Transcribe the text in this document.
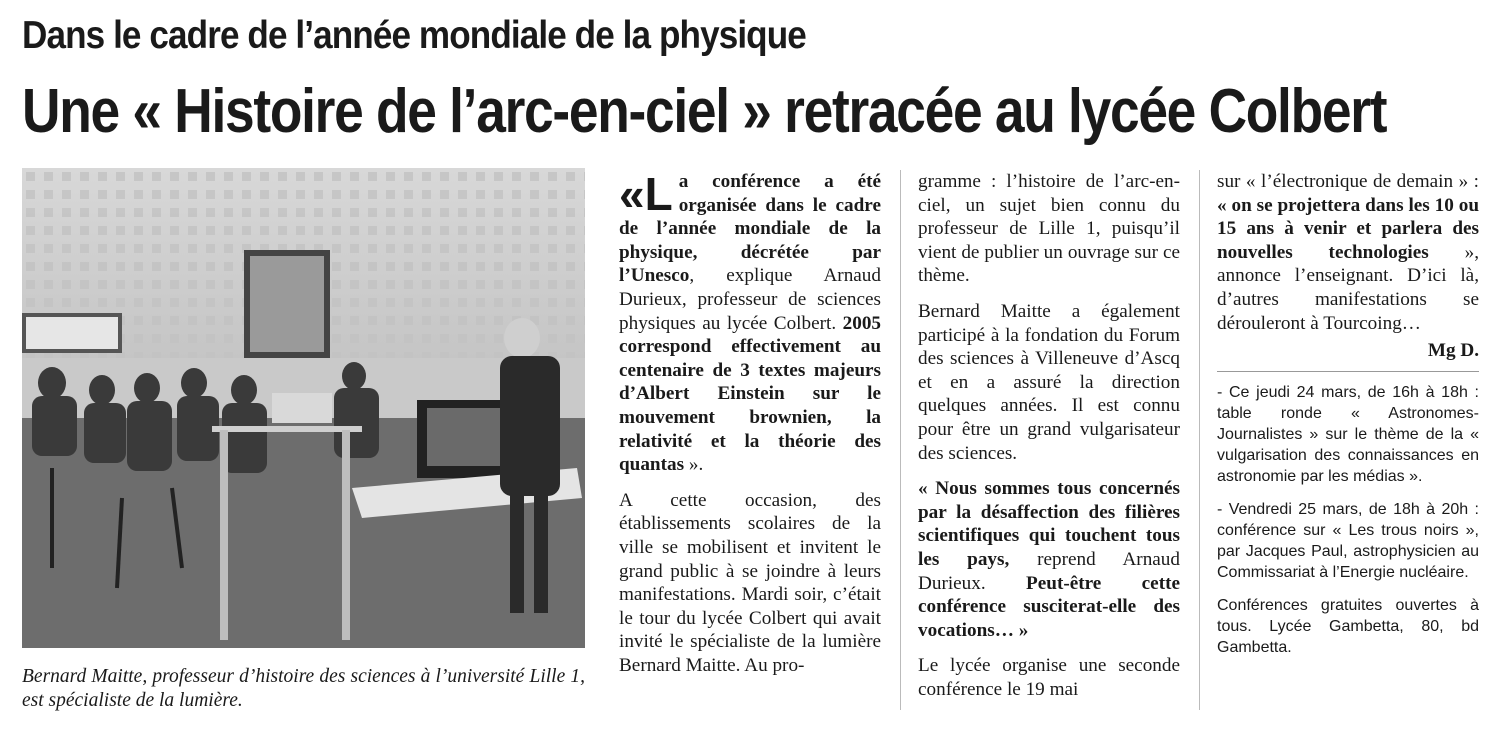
Dans le cadre de l’année mondiale de la physique
Une « Histoire de l’arc-en-ciel » retracée au lycée Colbert
Bernard Maitte, professeur d’histoire des sciences à l’université Lille 1, est spécialiste de la lumière.

«La conférence a été organisée dans le cadre de l’année mondiale de la physique, décrétée par l’Unesco, explique Arnaud Durieux, professeur de sciences physiques au lycée Colbert. 2005 correspond effectivement au centenaire de 3 textes majeurs d’Albert Einstein sur le mouvement brownien, la relativité et la théorie des quantas ».

A cette occasion, des établissements scolaires de la ville se mobilisent et invitent le grand public à se joindre à leurs manifestations. Mardi soir, c’était le tour du lycée Colbert qui avait invité le spécialiste de la lumière Bernard Maitte. Au pro-

gramme : l’histoire de l’arc-en-ciel, un sujet bien connu du professeur de Lille 1, puisqu’il vient de publier un ouvrage sur ce thème.

Bernard Maitte a également participé à la fondation du Forum des sciences à Villeneuve d’Ascq et en a assuré la direction quelques années. Il est connu pour être un grand vulgarisateur des sciences.

« Nous sommes tous concernés par la désaffection des filières scientifiques qui touchent tous les pays, reprend Arnaud Durieux. Peut-être cette conférence susciterat-elle des vocations… »

Le lycée organise une seconde conférence le 19 mai

sur « l’électronique de demain » : « on se projettera dans les 10 ou 15 ans à venir et parlera des nouvelles technologies », annonce l’enseignant. D’ici là, d’autres manifestations se dérouleront à Tourcoing…

Mg D.

- Ce jeudi 24 mars, de 16h à 18h : table ronde « Astronomes-Journalistes » sur le thème de la « vulgarisation des connaissances en astronomie par les médias ».

- Vendredi 25 mars, de 18h à 20h : conférence sur « Les trous noirs », par Jacques Paul, astrophysicien au Commissariat à l’Energie nucléaire.

Conférences gratuites ouvertes à tous. Lycée Gambetta, 80, bd Gambetta.
